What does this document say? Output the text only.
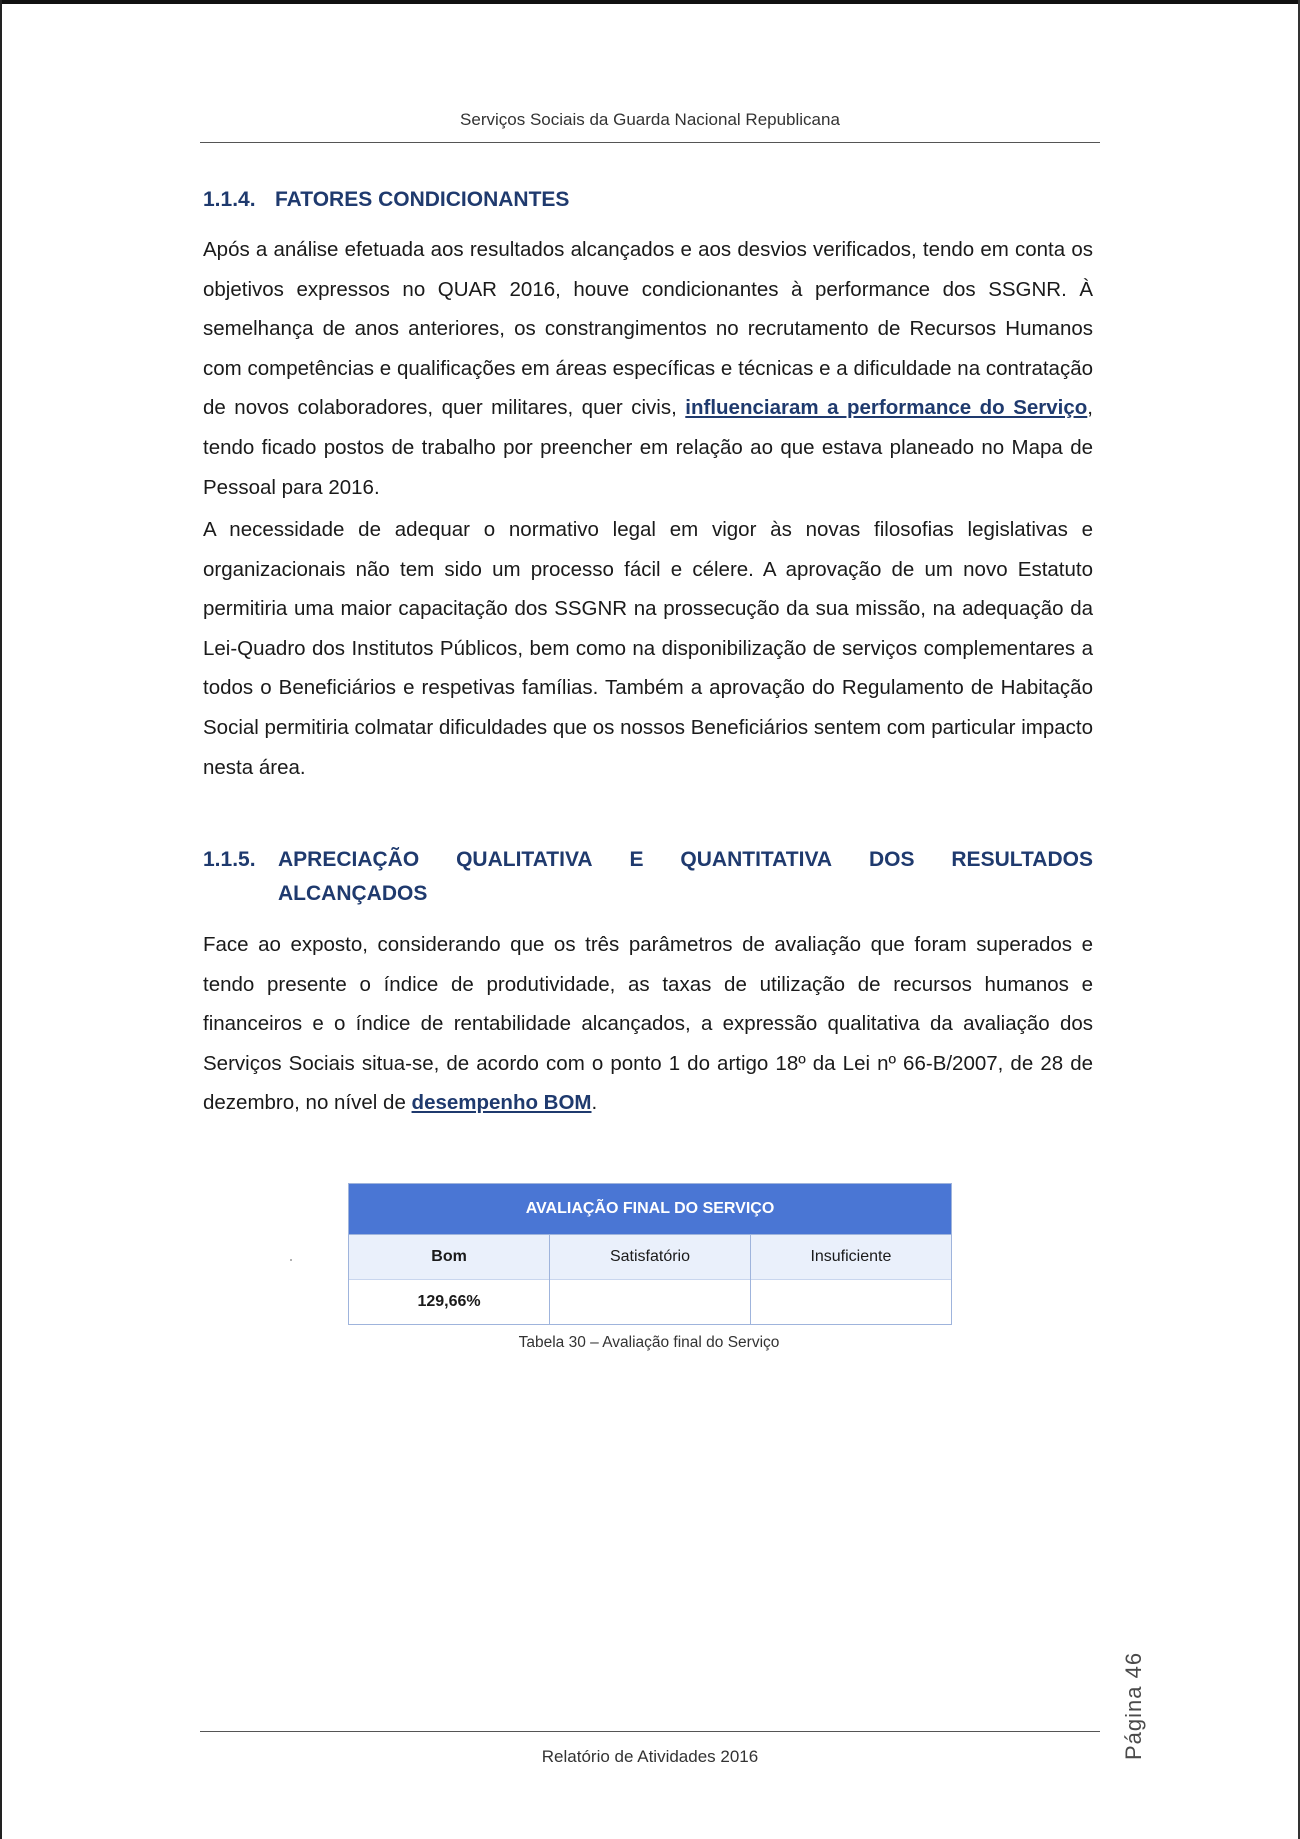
Serviços Sociais da Guarda Nacional Republicana
1.1.4. FATORES CONDICIONANTES
Após a análise efetuada aos resultados alcançados e aos desvios verificados, tendo em conta os objetivos expressos no QUAR 2016, houve condicionantes à performance dos SSGNR. À semelhança de anos anteriores, os constrangimentos no recrutamento de Recursos Humanos com competências e qualificações em áreas específicas e técnicas e a dificuldade na contratação de novos colaboradores, quer militares, quer civis, influenciaram a performance do Serviço, tendo ficado postos de trabalho por preencher em relação ao que estava planeado no Mapa de Pessoal para 2016.
A necessidade de adequar o normativo legal em vigor às novas filosofias legislativas e organizacionais não tem sido um processo fácil e célere. A aprovação de um novo Estatuto permitiria uma maior capacitação dos SSGNR na prossecução da sua missão, na adequação da Lei-Quadro dos Institutos Públicos, bem como na disponibilização de serviços complementares a todos o Beneficiários e respetivas famílias. Também a aprovação do Regulamento de Habitação Social permitiria colmatar dificuldades que os nossos Beneficiários sentem com particular impacto nesta área.
1.1.5. APRECIAÇÃO QUALITATIVA E QUANTITATIVA DOS RESULTADOS
ALCANÇADOS
Face ao exposto, considerando que os três parâmetros de avaliação que foram superados e tendo presente o índice de produtividade, as taxas de utilização de recursos humanos e financeiros e o índice de rentabilidade alcançados, a expressão qualitativa da avaliação dos Serviços Sociais situa-se, de acordo com o ponto 1 do artigo 18º da Lei nº 66-B/2007, de 28 de dezembro, no nível de desempenho BOM.
AVALIAÇÃO FINAL DO SERVIÇO		
Bom	Satisfatório	Insuficiente
129,66%		
Tabela 30 – Avaliação final do Serviço
Página 46
Relatório de Atividades 2016
